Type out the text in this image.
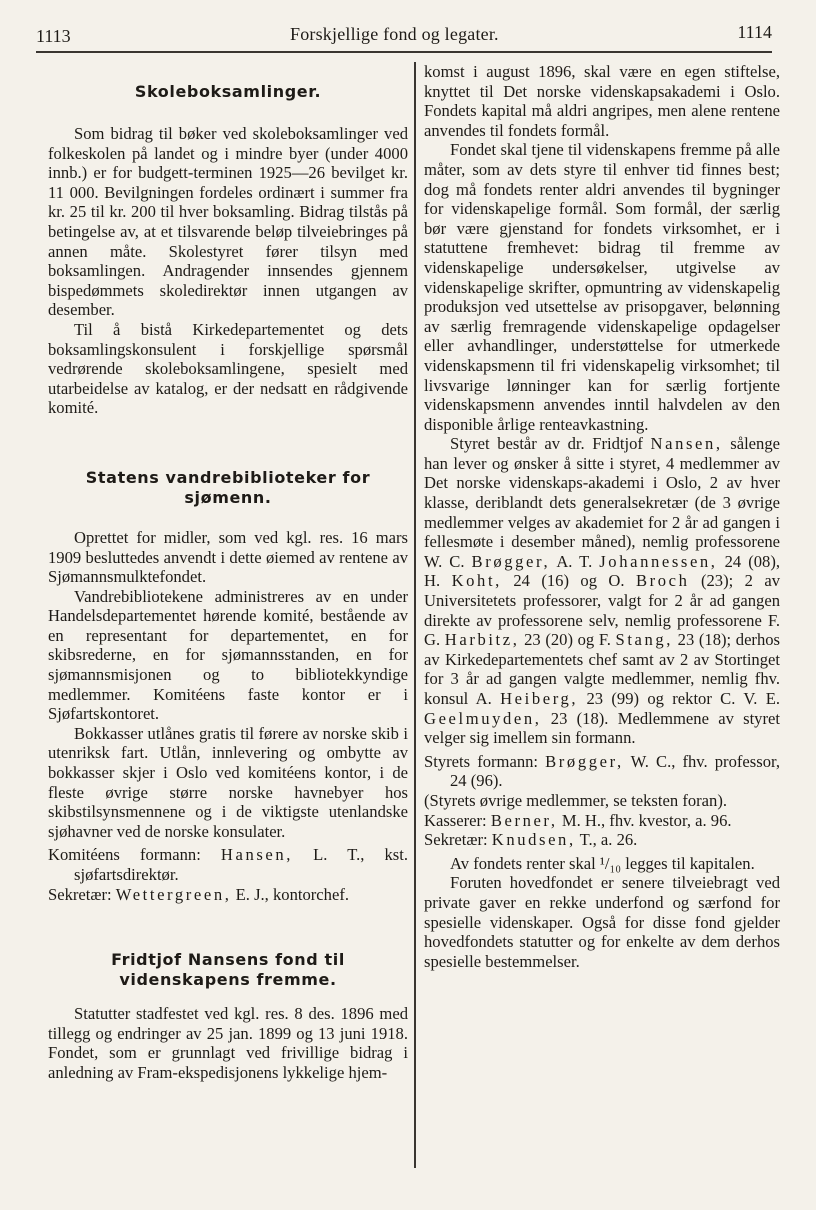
1113	Forskjellige fond og legater.	1114
Skoleboksamlinger.

Som bidrag til bøker ved skoleboksamlinger ved folkeskolen på landet og i mindre byer (under 4000 innb.) er for budgett-terminen 1925—26 bevilget kr. 11 000. Bevilgningen fordeles ordinært i summer fra kr. 25 til kr. 200 til hver boksamling. Bidrag tilstås på betingelse av, at et tilsvarende beløp tilveiebringes på annen måte. Skolestyret fører tilsyn med boksamlingen. Andragender innsendes gjennem bispedømmets skoledirektør innen utgangen av desember.

Til å bistå Kirkedepartementet og dets boksamlingskonsulent i forskjellige spørsmål vedrørende skoleboksamlingene, spesielt med utarbeidelse av katalog, er der nedsatt en rådgivende komité.

Statens vandrebiblioteker for sjømenn.

Oprettet for midler, som ved kgl. res. 16 mars 1909 besluttedes anvendt i dette øiemed av rentene av Sjømannsmulktefondet.

Vandrebibliotekene administreres av en under Handelsdepartementet hørende komité, bestående av en representant for departementet, en for skibsrederne, en for sjømannsstanden, en for sjømannsmisjonen og to bibliotekkyndige medlemmer. Komitéens faste kontor er i Sjøfartskontoret.

Bokkasser utlånes gratis til førere av norske skib i utenriksk fart. Utlån, innlevering og ombytte av bokkasser skjer i Oslo ved komitéens kontor, i de fleste øvrige større norske havnebyer hos skibstilsynsmennene og i de viktigste utenlandske sjøhavner ved de norske konsulater.

Komitéens formann: Hansen, L. T., kst. sjøfartsdirektør.

Sekretær: Wettergreen, E. J., kontorchef.

Fridtjof Nansens fond til videnskapens fremme.

Statutter stadfestet ved kgl. res. 8 des. 1896 med tillegg og endringer av 25 jan. 1899 og 13 juni 1918. Fondet, som er grunnlagt ved frivillige bidrag i anledning av Fram-ekspedisjonens lykkelige hjem-

komst i august 1896, skal være en egen stiftelse, knyttet til Det norske videnskapsakademi i Oslo. Fondets kapital må aldri angripes, men alene rentene anvendes til fondets formål.

Fondet skal tjene til videnskapens fremme på alle måter, som av dets styre til enhver tid finnes best; dog må fondets renter aldri anvendes til bygninger for videnskapelige formål. Som formål, der særlig bør være gjenstand for fondets virksomhet, er i statuttene fremhevet: bidrag til fremme av videnskapelige undersøkelser, utgivelse av videnskapelige skrifter, opmuntring av videnskapelig produksjon ved utsettelse av prisopgaver, belønning av særlig fremragende videnskapelige opdagelser eller avhandlinger, understøttelse for utmerkede videnskapsmenn til fri videnskapelig virksomhet; til livsvarige lønninger kan for særlig fortjente videnskapsmenn anvendes inntil halvdelen av den disponible årlige renteavkastning.

Styret består av dr. Fridtjof Nansen, sålenge han lever og ønsker å sitte i styret, 4 medlemmer av Det norske videnskaps-akademi i Oslo, 2 av hver klasse, deriblandt dets generalsekretær (de 3 øvrige medlemmer velges av akademiet for 2 år ad gangen i fellesmøte i desember måned), nemlig professorene W. C. Brøgger, A. T. Johannessen, 24 (08), H. Koht, 24 (16) og O. Broch (23); 2 av Universitetets professorer, valgt for 2 år ad gangen direkte av professorene selv, nemlig professorene F. G. Harbitz, 23 (20) og F. Stang, 23 (18); derhos av Kirkedepartementets chef samt av 2 av Stortinget for 3 år ad gangen valgte medlemmer, nemlig fhv. konsul A. Heiberg, 23 (99) og rektor C. V. E. Geelmuyden, 23 (18). Medlemmene av styret velger sig imellem sin formann.

Styrets formann: Brøgger, W. C., fhv. professor, 24 (96).

(Styrets øvrige medlemmer, se teksten foran).

Kasserer: Berner, M. H., fhv. kvestor, a. 96.

Sekretær: Knudsen, T., a. 26.

Av fondets renter skal ¹/₁₀ legges til kapitalen.

Foruten hovedfondet er senere tilveiebragt ved private gaver en rekke underfond og særfond for spesielle videnskaper. Også for disse fond gjelder hovedfondets statutter og for enkelte av dem derhos spesielle bestemmelser.
